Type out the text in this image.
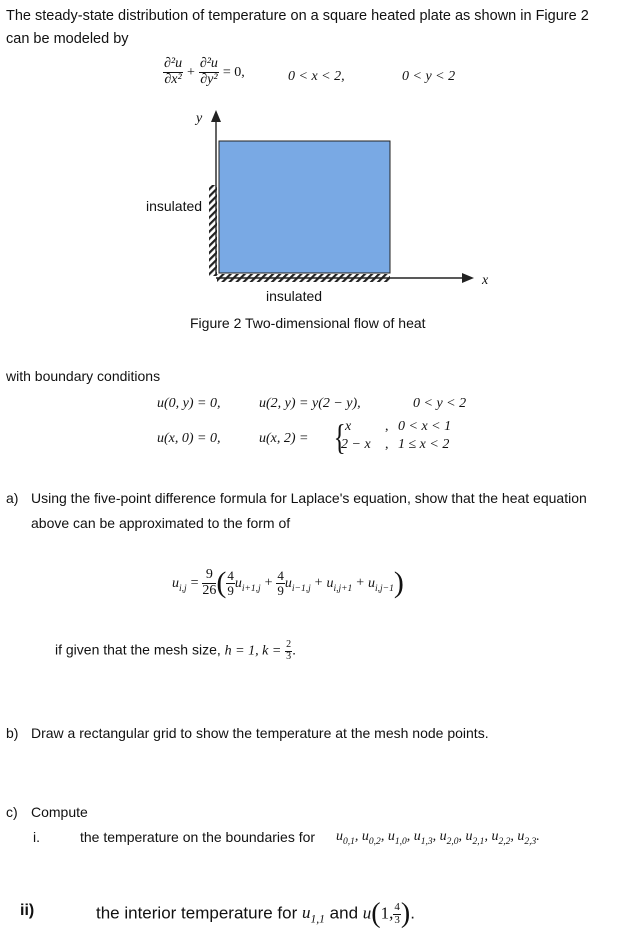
The steady-state distribution of temperature on a square heated plate as shown in Figure 2
can be modeled by
$\frac{\text{∂²u}}{\text{∂x²}} + \frac{\text{∂²u}}{\text{∂y²}} = 0$,	0 < x < 2,	0 < y < 2
y
x
insulated
insulated
Figure 2 Two-dimensional flow of heat
with boundary conditions
u(0, y) = 0,	u(2, y) = y(2 − y),	0 < y < 2
u(x, 0) = 0,	u(x, 2) = { x , 0 < x < 1
2 − x , 1 ≤ x < 2
a) Using the five-point difference formula for Laplace's equation, show that the heat equation
above can be approximated to the form of
$u_{i,j} = \frac{9}{26}$ ( $\frac{4}{9} u_{i+1,j} + \frac{4}{9} u_{i-1,j} + u_{i,j+1} + u_{i,j-1}$)
if given that the mesh size, h = 1, $k = \frac{2}{3}$ .
b) Draw a rectangular grid to show the temperature at the mesh node points.
c) Compute
i.	the temperature on the boundaries for $u_{0,1}$, $u_{0,2}$, $u_{1,0}$, $u_{1,3}$, $u_{2,0}$, $u_{2,1}$, $u_{2,2}$, $u_{2,3}$.
ii)	the interior temperature for $u_{1,1}$ and u(1, $\frac{4}{3}$ ).
